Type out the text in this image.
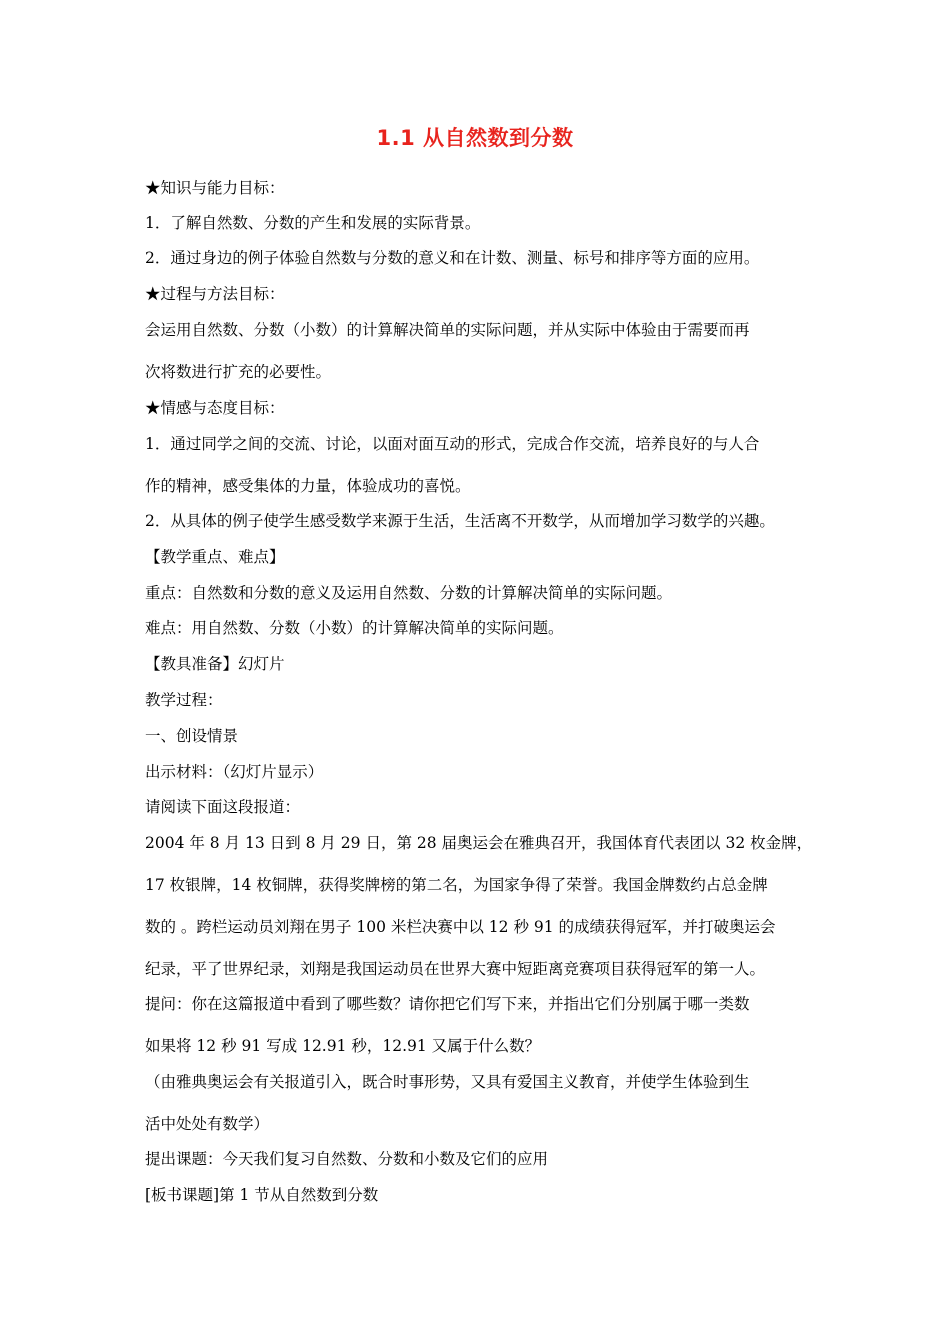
1.1 从自然数到分数
★知识与能力目标：
1．了解自然数、分数的产生和发展的实际背景。
2．通过身边的例子体验自然数与分数的意义和在计数、测量、标号和排序等方面的应用。
★过程与方法目标：
会运用自然数、分数（小数）的计算解决简单的实际问题，并从实际中体验由于需要而再
次将数进行扩充的必要性。
★情感与态度目标：
1．通过同学之间的交流、讨论，以面对面互动的形式，完成合作交流，培养良好的与人合
作的精神，感受集体的力量，体验成功的喜悦。
2．从具体的例子使学生感受数学来源于生活，生活离不开数学，从而增加学习数学的兴趣。
【教学重点、难点】
重点：自然数和分数的意义及运用自然数、分数的计算解决简单的实际问题。
难点：用自然数、分数（小数）的计算解决简单的实际问题。
【教具准备】幻灯片
教学过程：
一、创设情景
出示材料：（幻灯片显示）
请阅读下面这段报道：
2004 年 8 月 13 日到 8 月 29 日，第 28 届奥运会在雅典召开，我国体育代表团以 32 枚金牌，
17 枚银牌，14 枚铜牌，获得奖牌榜的第二名，为国家争得了荣誉。我国金牌数约占总金牌
数的 。跨栏运动员刘翔在男子 100 米栏决赛中以 12 秒 91 的成绩获得冠军，并打破奥运会
纪录，平了世界纪录，刘翔是我国运动员在世界大赛中短距离竞赛项目获得冠军的第一人。
提问：你在这篇报道中看到了哪些数？请你把它们写下来，并指出它们分别属于哪一类数
如果将 12 秒 91 写成 12.91 秒，12.91 又属于什么数？
（由雅典奥运会有关报道引入，既合时事形势，又具有爱国主义教育，并使学生体验到生
活中处处有数学）
提出课题：今天我们复习自然数、分数和小数及它们的应用
[板书课题]第 1 节从自然数到分数
